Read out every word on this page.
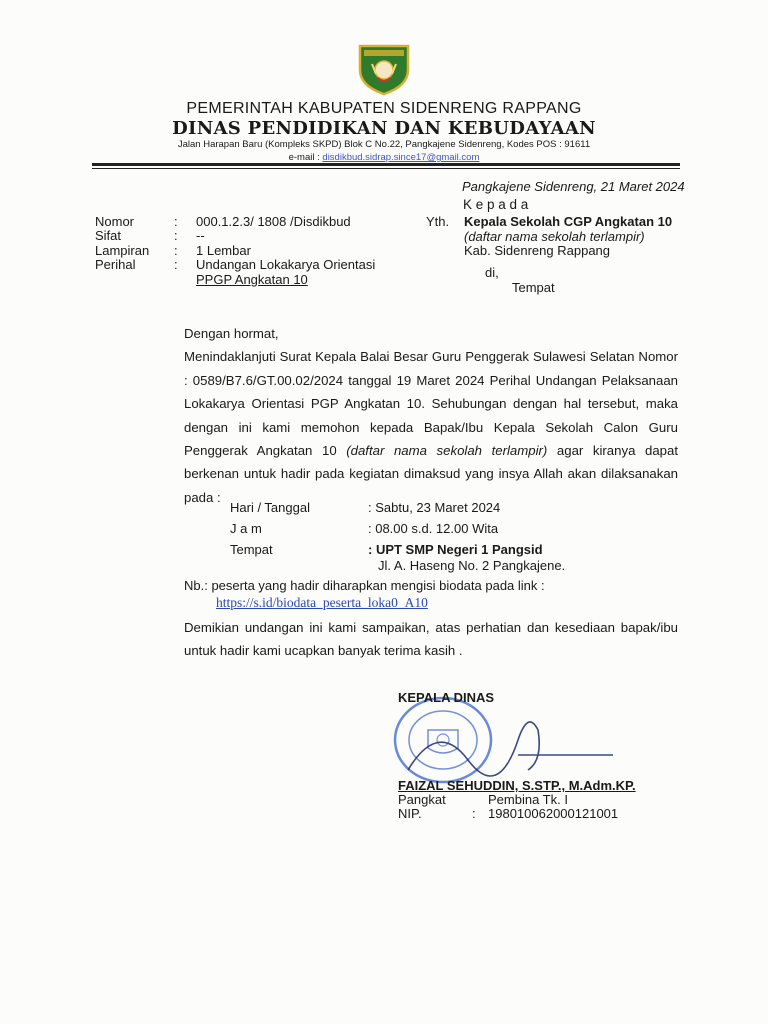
PEMERINTAH KABUPATEN SIDENRENG RAPPANG
DINAS PENDIDIKAN DAN KEBUDAYAAN
Jalan Harapan Baru (Kompleks SKPD) Blok C No.22, Pangkajene Sidenreng, Kodes POS : 91611
e-mail : disdikbud.sidrap.since17@gmail.com
Pangkajene Sidenreng, 21 Maret 2024
K e p a d a
Yth. Kepala Sekolah CGP Angkatan 10
(daftar nama sekolah terlampir)
Kab. Sidenreng Rappang
di,
Tempat
Nomor	: 000.1.2.3/ 1808 /Disdikbud
Sifat	: --
Lampiran : 1 Lembar
Perihal	: Undangan Lokakarya Orientasi
PPGP Angkatan 10

Dengan hormat,

Menindaklanjuti Surat Kepala Balai Besar Guru Penggerak Sulawesi Selatan Nomor : 0589/B7.6/GT.00.02/2024 tanggal 19 Maret 2024 Perihal Undangan Pelaksanaan Lokakarya Orientasi PGP Angkatan 10. Sehubungan dengan hal tersebut, maka dengan ini kami memohon kepada Bapak/Ibu Kepala Sekolah Calon Guru Penggerak Angkatan 10 (daftar nama sekolah terlampir) agar kiranya dapat berkenan untuk hadir pada kegiatan dimaksud yang insya Allah akan dilaksanakan pada :

Hari / Tanggal	: Sabtu, 23 Maret 2024
J a m	: 08.00 s.d. 12.00 Wita
Tempat	: UPT SMP Negeri 1 Pangsid
Jl. A. Haseng No. 2 Pangkajene.
Nb.: peserta yang hadir diharapkan mengisi biodata pada link :
https://s.id/biodata_peserta_loka0_A10
Demikian undangan ini kami sampaikan, atas perhatian dan kesediaan bapak/ibu untuk hadir kami ucapkan banyak terima kasih .
KEPALA DINAS
FAIZAL SEHUDDIN, S.STP., M.Adm.KP.
Pangkat	Pembina Tk. I
NIP.	: 198010062000121001
